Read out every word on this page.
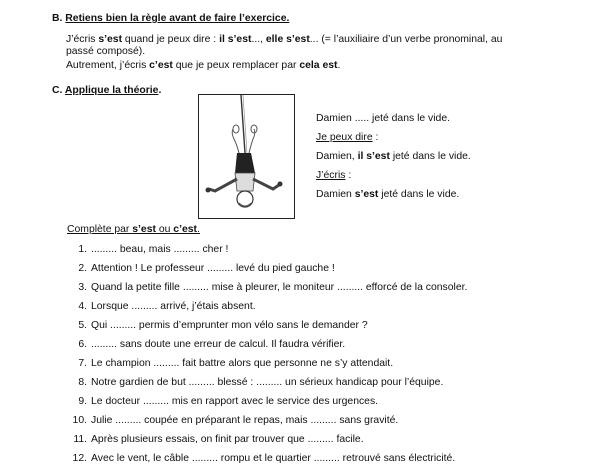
B. Retiens bien la règle avant de faire l’exercice.
J’écris s’est quand je peux dire : il s’est..., elle s’est... (= l’auxiliaire d’un verbe pronominal, au
passé composé).
Autrement, j’écris c’est que je peux remplacer par cela est.
C. Applique la théorie.
Damien ..... jeté dans le vide.
Je peux dire :
Damien, il s’est jeté dans le vide.
J’écris :
Damien s’est jeté dans le vide.
Complète par s’est ou c’est.
1. ......... beau, mais ......... cher !
2. Attention ! Le professeur ......... levé du pied gauche !
3. Quand la petite fille ......... mise à pleurer, le moniteur ......... efforcé de la consoler.
4. Lorsque ......... arrivé, j’étais absent.
5. Qui ......... permis d’emprunter mon vélo sans le demander ?
6. ......... sans doute une erreur de calcul. Il faudra vérifier.
7. Le champion ......... fait battre alors que personne ne s’y attendait.
8. Notre gardien de but ......... blessé : ......... un sérieux handicap pour l’équipe.
9. Le docteur ......... mis en rapport avec le service des urgences.
10. Julie ......... coupée en préparant le repas, mais ......... sans gravité.
11. Après plusieurs essais, on finit par trouver que ......... facile.
12. Avec le vent, le câble ......... rompu et le quartier ......... retrouvé sans électricité.
